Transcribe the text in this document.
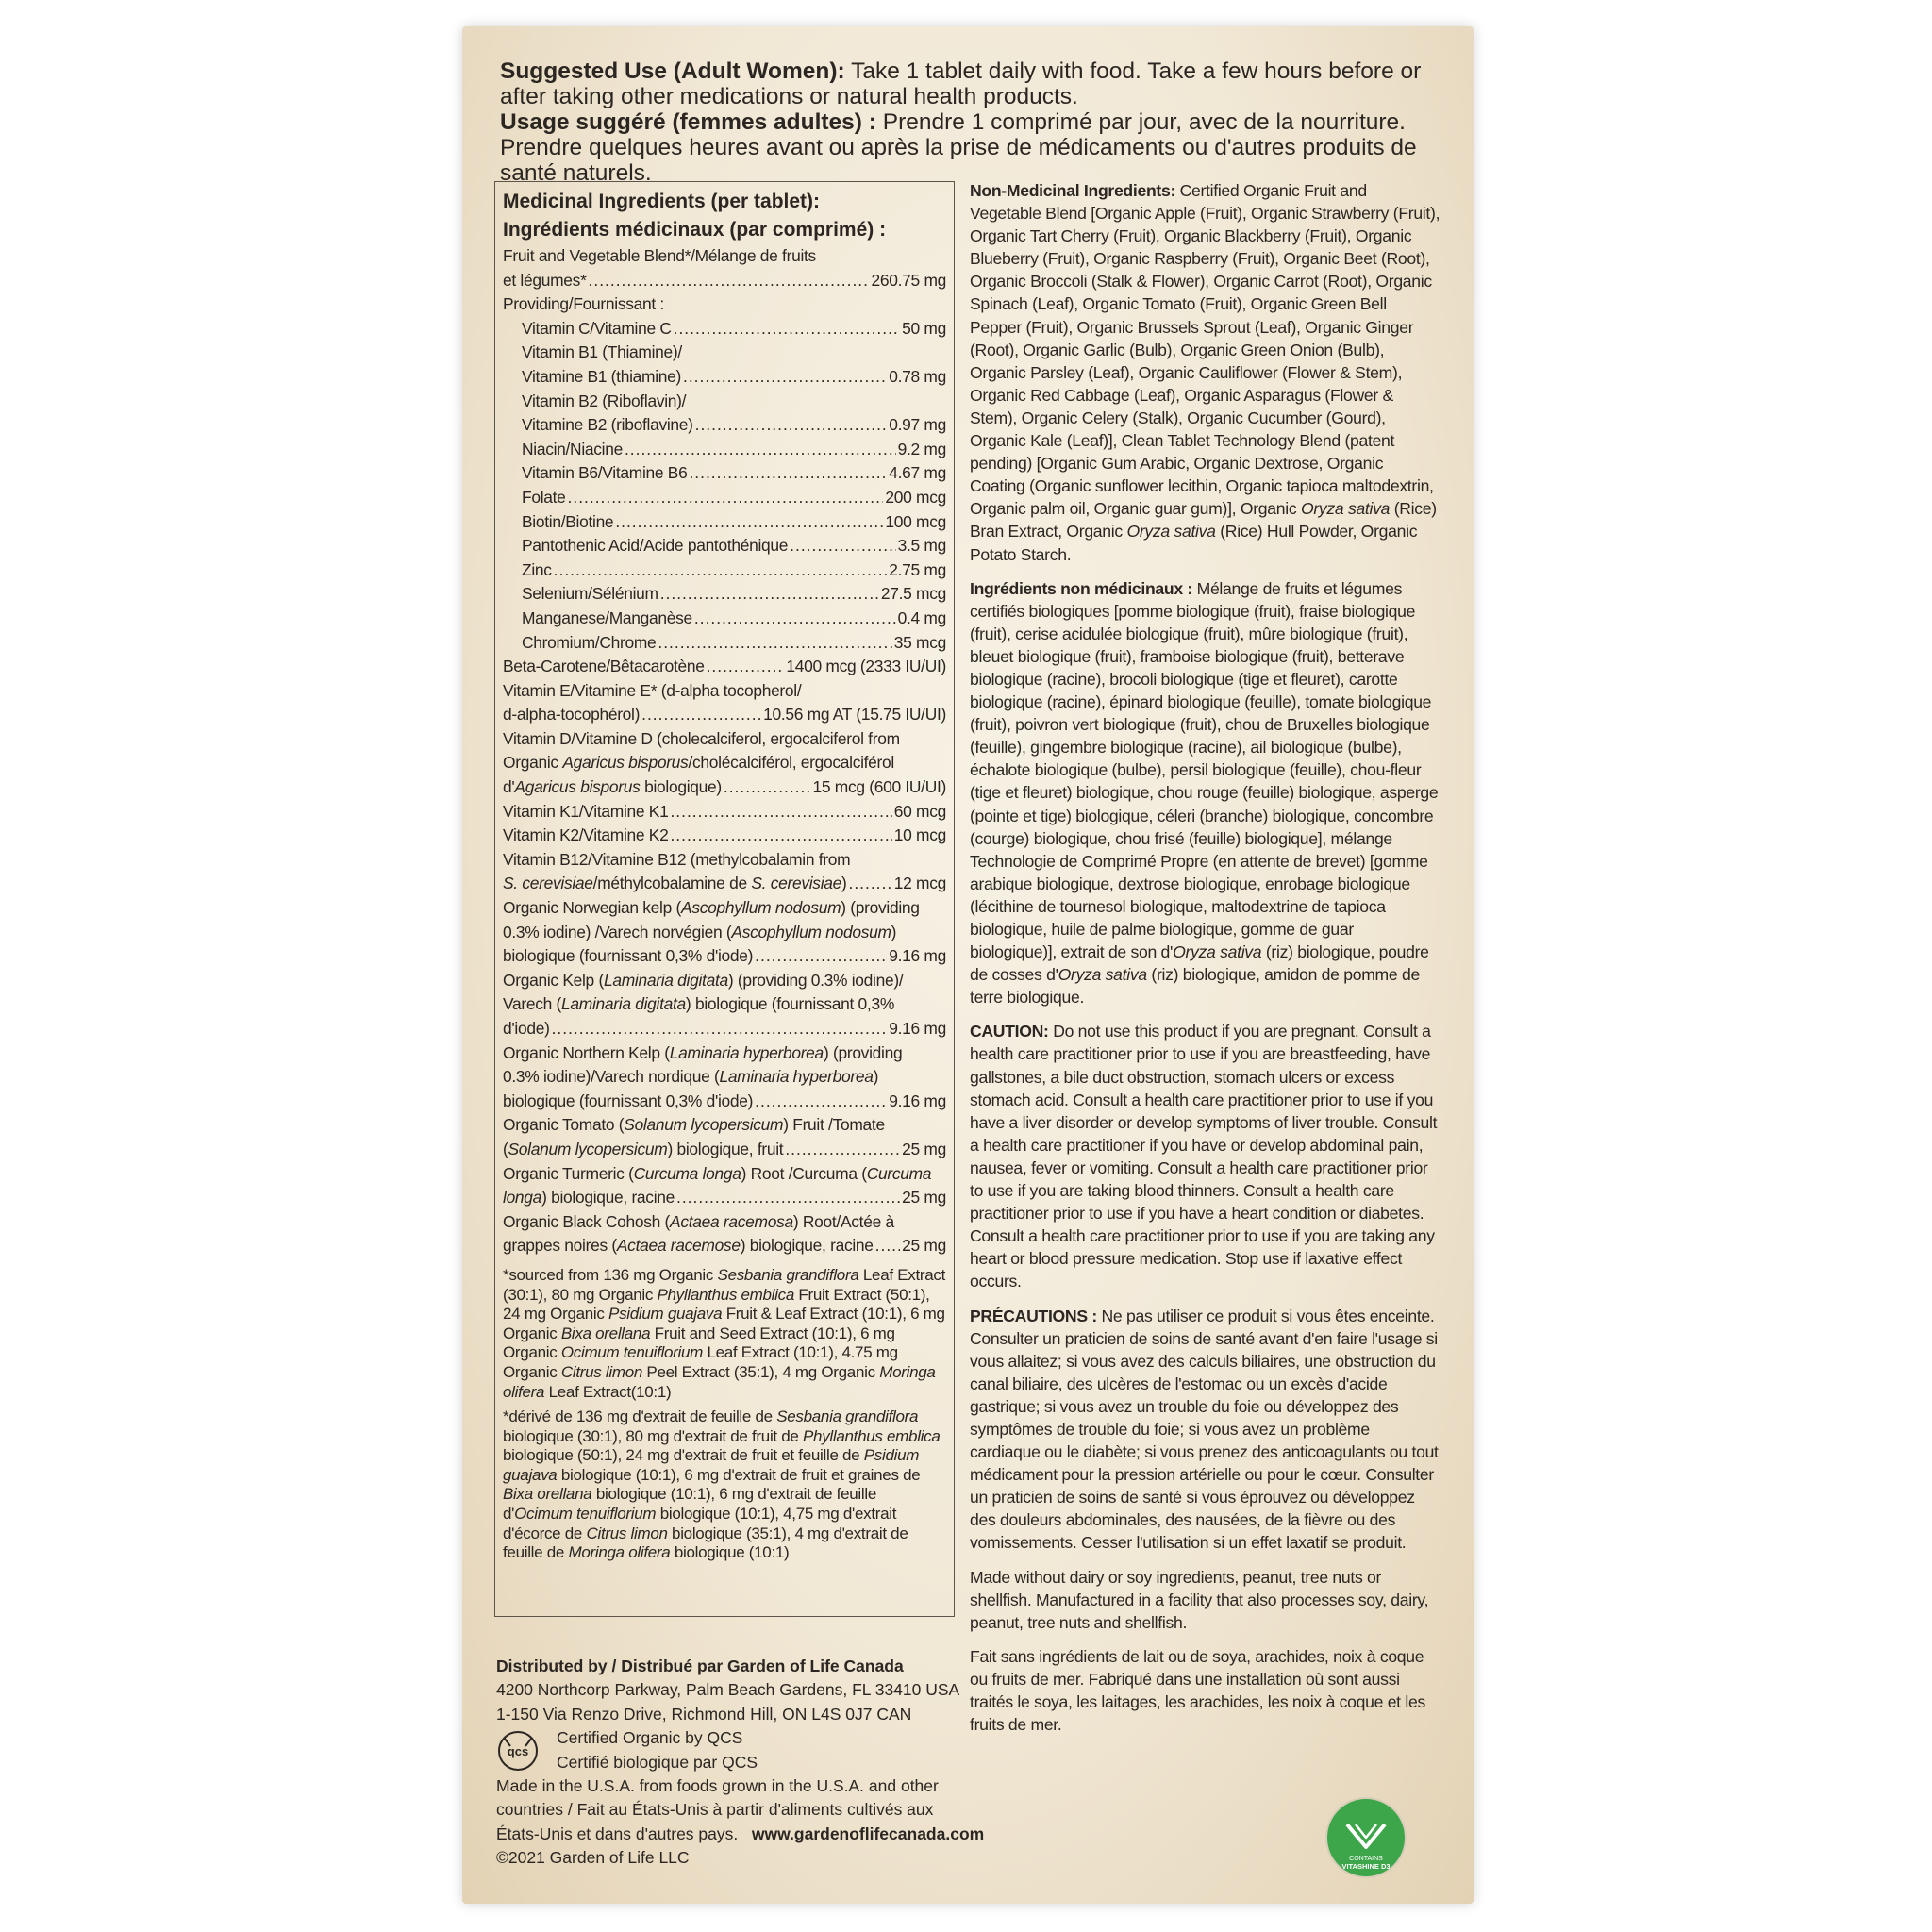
Suggested Use (Adult Women): Take 1 tablet daily with food. Take a few hours before or after taking other medications or natural health products.

Usage suggéré (femmes adultes) : Prendre 1 comprimé par jour, avec de la nourriture. Prendre quelques heures avant ou après la prise de médicaments ou d'autres produits de santé naturels.

Medicinal Ingredients (per tablet):
Ingrédients médicinaux (par comprimé) :
Fruit and Vegetable Blend*/Mélange de fruits
et légumes* .....	260.75 mg
Providing/Fournissant :
Vitamin C/Vitamine C .....	50 mg
Vitamin B1 (Thiamine)/
Vitamine B1 (thiamine) .....	0.78 mg
Vitamin B2 (Riboflavin)/
Vitamine B2 (riboflavine) .....	0.97 mg
Niacin/Niacine .....	9.2 mg
Vitamin B6/Vitamine B6 .....	4.67 mg
Folate .....	200 mcg
Biotin/Biotine .....	100 mcg
Pantothenic Acid/Acide pantothénique .....	3.5 mg
Zinc .....	2.75 mg
Selenium/Sélénium .....	27.5 mcg
Manganese/Manganèse .....	0.4 mg
Chromium/Chrome .....	35 mcg
Beta-Carotene/Bêtacarotène .....	1400 mcg (2333 IU/UI)
Vitamin E/Vitamine E* (d-alpha tocopherol/
d-alpha-tocophérol) .....	10.56 mg AT (15.75 IU/UI)
Vitamin D/Vitamine D (cholecalciferol, ergocalciferol from
Organic Agaricus bisporus/cholécalciférol, ergocalciférol
d'Agaricus bisporus biologique) .....	15 mcg (600 IU/UI)
Vitamin K1/Vitamine K1 .....	60 mcg
Vitamin K2/Vitamine K2 .....	10 mcg
Vitamin B12/Vitamine B12 (methylcobalamin from
S. cerevisiae/méthylcobalamine de S. cerevisiae) .....	12 mcg
Organic Norwegian kelp (Ascophyllum nodosum) (providing
0.3% iodine) /Varech norvégien (Ascophyllum nodosum)
biologique (fournissant 0,3% d'iode) .....	9.16 mg
Organic Kelp (Laminaria digitata) (providing 0.3% iodine)/
Varech (Laminaria digitata) biologique (fournissant 0,3%
d'iode) .....	9.16 mg
Organic Northern Kelp (Laminaria hyperborea) (providing
0.3% iodine)/Varech nordique (Laminaria hyperborea)
biologique (fournissant 0,3% d'iode) .....	9.16 mg
Organic Tomato (Solanum lycopersicum) Fruit /Tomate
(Solanum lycopersicum) biologique, fruit .....	25 mg
Organic Turmeric (Curcuma longa) Root /Curcuma (Curcuma
longa) biologique, racine .....	25 mg
Organic Black Cohosh (Actaea racemosa) Root/Actée à
grappes noires (Actaea racemose) biologique, racine ..... 25 mg

*sourced from 136 mg Organic Sesbania grandiflora Leaf Extract (30:1), 80 mg Organic Phyllanthus emblica Fruit Extract (50:1), 24 mg Organic Psidium guajava Fruit & Leaf Extract (10:1), 6 mg Organic Bixa orellana Fruit and Seed Extract (10:1), 6 mg Organic Ocimum tenuiflorium Leaf Extract (10:1), 4.75 mg Organic Citrus limon Peel Extract (35:1), 4 mg Organic Moringa olifera Leaf Extract(10:1)

*dérivé de 136 mg d'extrait de feuille de Sesbania grandiflora biologique (30:1), 80 mg d'extrait de fruit de Phyllanthus emblica biologique (50:1), 24 mg d'extrait de fruit et feuille de Psidium guajava biologique (10:1), 6 mg d'extrait de fruit et graines de Bixa orellana biologique (10:1), 6 mg d'extrait de feuille d'Ocimum tenuiflorium biologique (10:1), 4,75 mg d'extrait d'écorce de Citrus limon biologique (35:1), 4 mg d'extrait de feuille de Moringa olifera biologique (10:1)

Distributed by / Distribué par Garden of Life Canada
4200 Northcorp Parkway, Palm Beach Gardens, FL 33410 USA
1-150 Via Renzo Drive, Richmond Hill, ON L4S 0J7 CAN
qcs
Certified Organic by QCS
Certifié biologique par QCS
Made in the U.S.A. from foods grown in the U.S.A. and other
countries / Fait au États-Unis à partir d'aliments cultivés aux
États-Unis et dans d'autres pays. www.gardenoflifecanada.com
©2021 Garden of Life LLC

Non-Medicinal Ingredients: Certified Organic Fruit and Vegetable Blend [Organic Apple (Fruit), Organic Strawberry (Fruit), Organic Tart Cherry (Fruit), Organic Blackberry (Fruit), Organic Blueberry (Fruit), Organic Raspberry (Fruit), Organic Beet (Root), Organic Broccoli (Stalk & Flower), Organic Carrot (Root), Organic Spinach (Leaf), Organic Tomato (Fruit), Organic Green Bell Pepper (Fruit), Organic Brussels Sprout (Leaf), Organic Ginger (Root), Organic Garlic (Bulb), Organic Green Onion (Bulb), Organic Parsley (Leaf), Organic Cauliflower (Flower & Stem), Organic Red Cabbage (Leaf), Organic Asparagus (Flower & Stem), Organic Celery (Stalk), Organic Cucumber (Gourd), Organic Kale (Leaf)], Clean Tablet Technology Blend (patent pending) [Organic Gum Arabic, Organic Dextrose, Organic Coating (Organic sunflower lecithin, Organic tapioca maltodextrin, Organic palm oil, Organic guar gum)], Organic Oryza sativa (Rice) Bran Extract, Organic Oryza sativa (Rice) Hull Powder, Organic Potato Starch.

Ingrédients non médicinaux : Mélange de fruits et légumes certifiés biologiques [pomme biologique (fruit), fraise biologique (fruit), cerise acidulée biologique (fruit), mûre biologique (fruit), bleuet biologique (fruit), framboise biologique (fruit), betterave biologique (racine), brocoli biologique (tige et fleuret), carotte biologique (racine), épinard biologique (feuille), tomate biologique (fruit), poivron vert biologique (fruit), chou de Bruxelles biologique (feuille), gingembre biologique (racine), ail biologique (bulbe), échalote biologique (bulbe), persil biologique (feuille), chou-fleur (tige et fleuret) biologique, chou rouge (feuille) biologique, asperge (pointe et tige) biologique, céleri (branche) biologique, concombre (courge) biologique, chou frisé (feuille) biologique], mélange Technologie de Comprimé Propre (en attente de brevet) [gomme arabique biologique, dextrose biologique, enrobage biologique (lécithine de tournesol biologique, maltodextrine de tapioca biologique, huile de palme biologique, gomme de guar biologique)], extrait de son d'Oryza sativa (riz) biologique, poudre de cosses d'Oryza sativa (riz) biologique, amidon de pomme de terre biologique.

CAUTION: Do not use this product if you are pregnant. Consult a health care practitioner prior to use if you are breastfeeding, have gallstones, a bile duct obstruction, stomach ulcers or excess stomach acid. Consult a health care practitioner prior to use if you have a liver disorder or develop symptoms of liver trouble. Consult a health care practitioner if you have or develop abdominal pain, nausea, fever or vomiting. Consult a health care practitioner prior to use if you are taking blood thinners. Consult a health care practitioner prior to use if you have a heart condition or diabetes. Consult a health care practitioner prior to use if you are taking any heart or blood pressure medication. Stop use if laxative effect occurs.

PRÉCAUTIONS : Ne pas utiliser ce produit si vous êtes enceinte. Consulter un praticien de soins de santé avant d'en faire l'usage si vous allaitez; si vous avez des calculs biliaires, une obstruction du canal biliaire, des ulcères de l'estomac ou un excès d'acide gastrique; si vous avez un trouble du foie ou développez des symptômes de trouble du foie; si vous avez un problème cardiaque ou le diabète; si vous prenez des anticoagulants ou tout médicament pour la pression artérielle ou pour le cœur. Consulter un praticien de soins de santé si vous éprouvez ou développez des douleurs abdominales, des nausées, de la fièvre ou des vomissements. Cesser l'utilisation si un effet laxatif se produit.

Made without dairy or soy ingredients, peanut, tree nuts or shellfish. Manufactured in a facility that also processes soy, dairy, peanut, tree nuts and shellfish.

Fait sans ingrédients de lait ou de soya, arachides, noix à coque ou fruits de mer. Fabriqué dans une installation où sont aussi traités le soya, les laitages, les arachides, les noix à coque et les fruits de mer.

CONTAINS
VITASHINE D3
